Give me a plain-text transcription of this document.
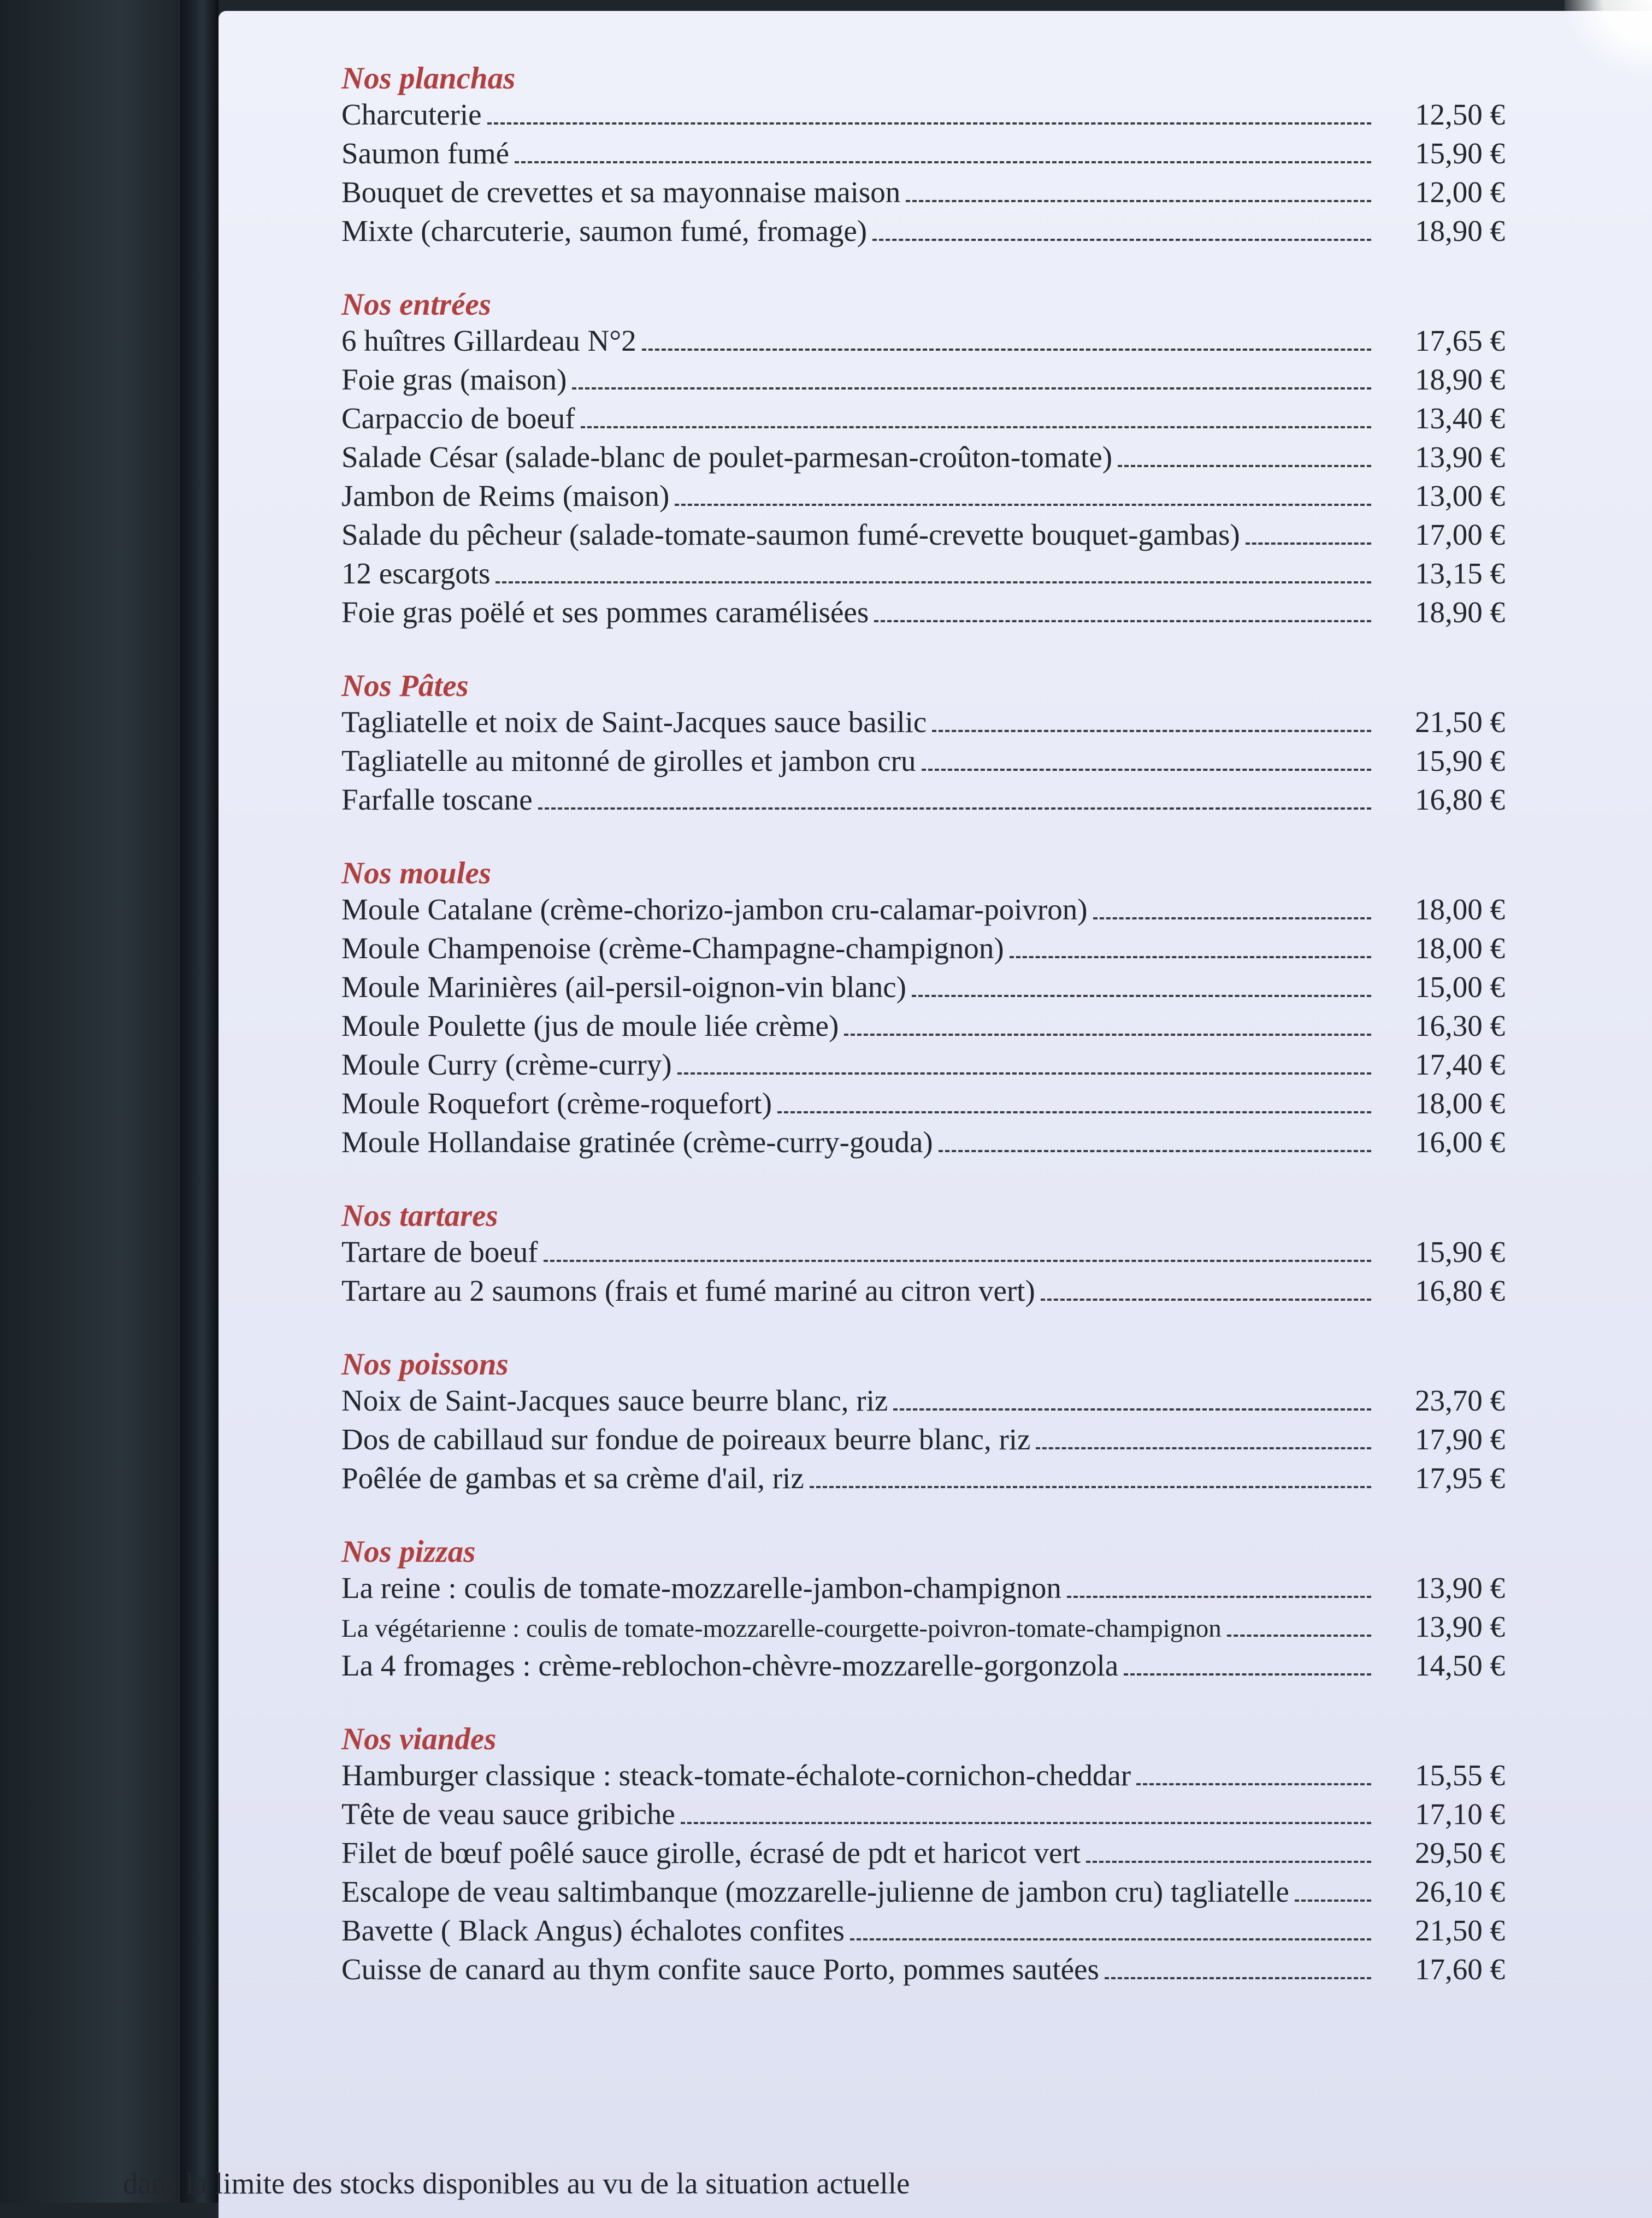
Nos planchas
Charcuterie	12,50 €
Saumon fumé	15,90 €
Bouquet de crevettes et sa mayonnaise maison	12,00 €
Mixte (charcuterie, saumon fumé, fromage)	18,90 €
Nos entrées
6 huîtres Gillardeau N°2	17,65 €
Foie gras (maison)	18,90 €
Carpaccio de boeuf	13,40 €
Salade César (salade-blanc de poulet-parmesan-croûton-tomate)	13,90 €
Jambon de Reims (maison)	13,00 €
Salade du pêcheur (salade-tomate-saumon fumé-crevette bouquet-gambas)	17,00 €
12 escargots	13,15 €
Foie gras poëlé et ses pommes caramélisées	18,90 €
Nos Pâtes
Tagliatelle et noix de Saint-Jacques sauce basilic	21,50 €
Tagliatelle au mitonné de girolles et jambon cru	15,90 €
Farfalle toscane	16,80 €
Nos moules
Moule Catalane (crème-chorizo-jambon cru-calamar-poivron)	18,00 €
Moule Champenoise (crème-Champagne-champignon)	18,00 €
Moule Marinières (ail-persil-oignon-vin blanc)	15,00 €
Moule Poulette (jus de moule liée crème)	16,30 €
Moule Curry (crème-curry)	17,40 €
Moule Roquefort (crème-roquefort)	18,00 €
Moule Hollandaise gratinée (crème-curry-gouda)	16,00 €
Nos tartares
Tartare de boeuf	15,90 €
Tartare au 2 saumons (frais et fumé mariné au citron vert)	16,80 €
Nos poissons
Noix de Saint-Jacques sauce beurre blanc, riz	23,70 €
Dos de cabillaud sur fondue de poireaux beurre blanc, riz	17,90 €
Poêlée de gambas et sa crème d'ail, riz	17,95 €
Nos pizzas
La reine : coulis de tomate-mozzarelle-jambon-champignon	13,90 €
La végétarienne : coulis de tomate-mozzarelle-courgette-poivron-tomate-champignon	13,90 €
La 4 fromages : crème-reblochon-chèvre-mozzarelle-gorgonzola	14,50 €
Nos viandes
Hamburger classique : steack-tomate-échalote-cornichon-cheddar	15,55 €
Tête de veau sauce gribiche	17,10 €
Filet de bœuf poêlé sauce girolle, écrasé de pdt et haricot vert	29,50 €
Escalope de veau saltimbanque (mozzarelle-julienne de jambon cru) tagliatelle	26,10 €
Bavette ( Black Angus) échalotes confites	21,50 €
Cuisse de canard au thym confite sauce Porto, pommes sautées	17,60 €
dans la limite des stocks disponibles au vu de la situation actuelle
